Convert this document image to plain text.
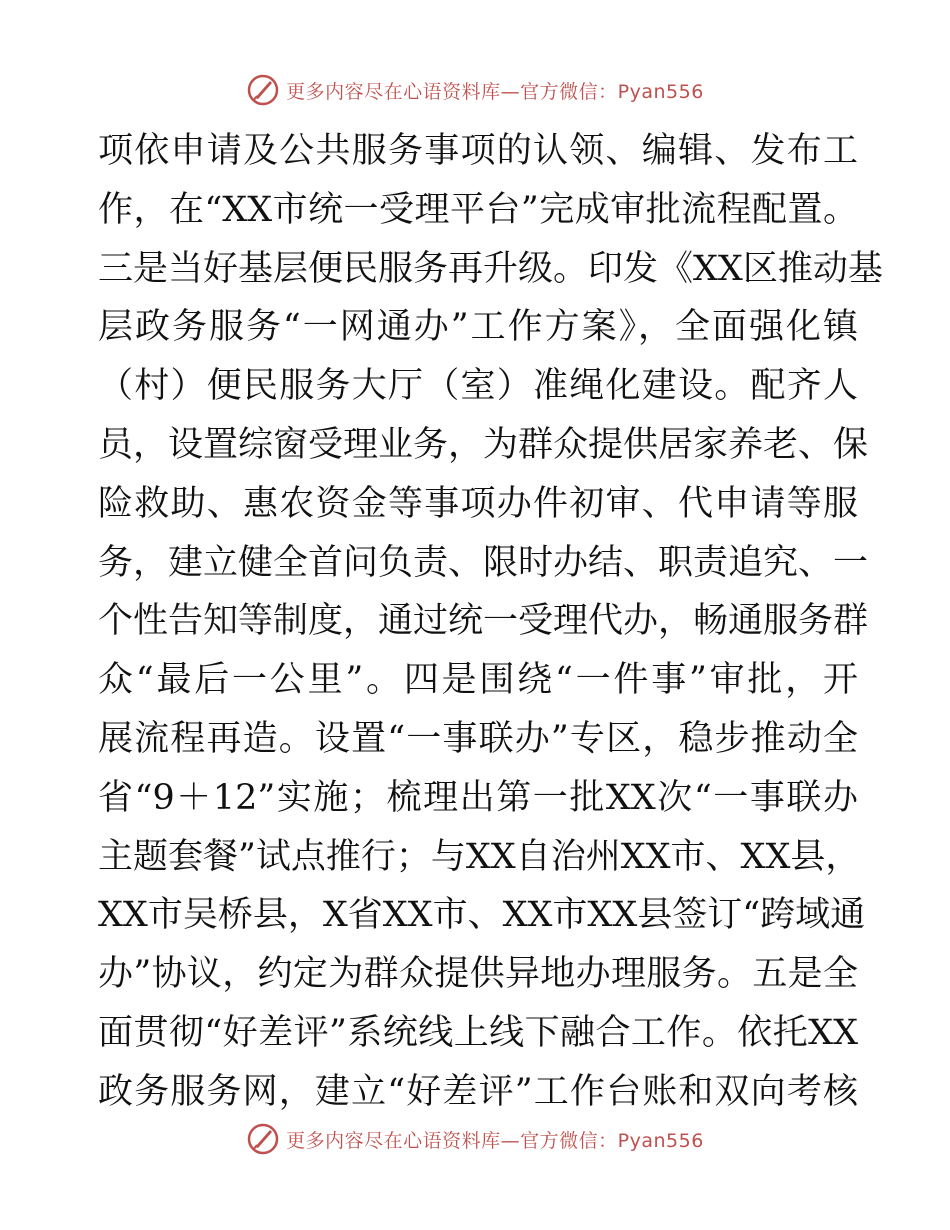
更多内容尽在心语资料库—官方微信：Pyan556
项依申请及公共服务事项的认领、编辑、发布工
作，在“XX市统一受理平台”完成审批流程配置。
三是当好基层便民服务再升级。印发《XX区推动基
层政务服务“一网通办”工作方案》，全面强化镇
（村）便民服务大厅（室）准绳化建设。配齐人
员，设置综窗受理业务，为群众提供居家养老、保
险救助、惠农资金等事项办件初审、代申请等服
务，建立健全首问负责、限时办结、职责追究、一
个性告知等制度，通过统一受理代办，畅通服务群
众“最后一公里”。四是围绕“一件事”审批，开
展流程再造。设置“一事联办”专区，稳步推动全
省“9＋12”实施；梳理出第一批XX次“一事联办
主题套餐”试点推行；与XX自治州XX市、XX县，
XX市吴桥县，X省XX市、XX市XX县签订“跨域通
办”协议，约定为群众提供异地办理服务。五是全
面贯彻“好差评”系统线上线下融合工作。依托XX
政务服务网，建立“好差评”工作台账和双向考核
更多内容尽在心语资料库—官方微信：Pyan556
